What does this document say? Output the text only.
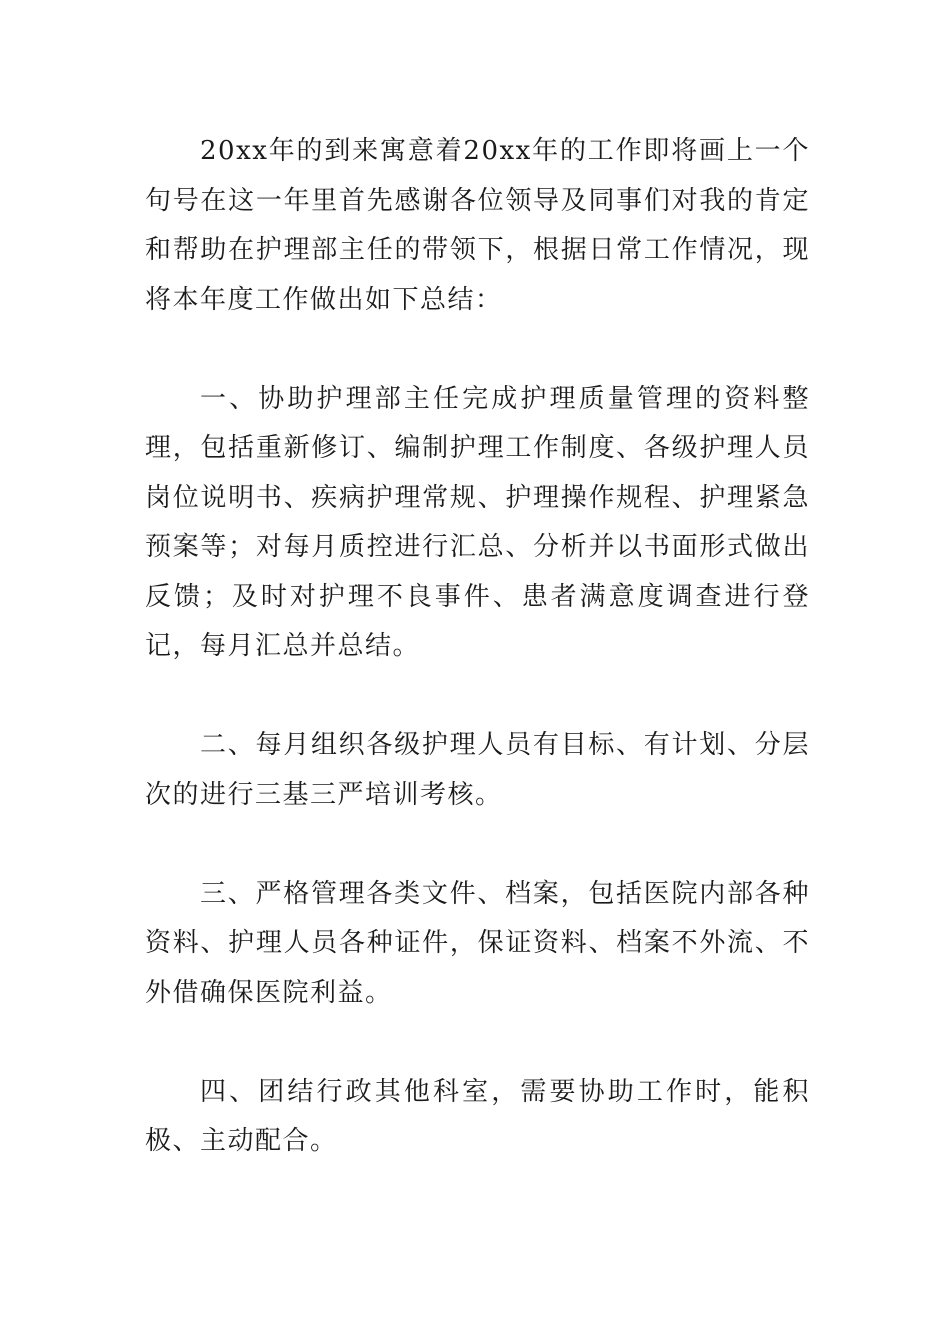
20xx年的到来寓意着20xx年的工作即将画上一个句号在这一年里首先感谢各位领导及同事们对我的肯定和帮助在护理部主任的带领下，根据日常工作情况，现将本年度工作做出如下总结：

一、协助护理部主任完成护理质量管理的资料整理，包括重新修订、编制护理工作制度、各级护理人员岗位说明书、疾病护理常规、护理操作规程、护理紧急预案等；对每月质控进行汇总、分析并以书面形式做出反馈；及时对护理不良事件、患者满意度调查进行登记，每月汇总并总结。

二、每月组织各级护理人员有目标、有计划、分层次的进行三基三严培训考核。

三、严格管理各类文件、档案，包括医院内部各种资料、护理人员各种证件，保证资料、档案不外流、不外借确保医院利益。

四、团结行政其他科室，需要协助工作时，能积极、主动配合。
